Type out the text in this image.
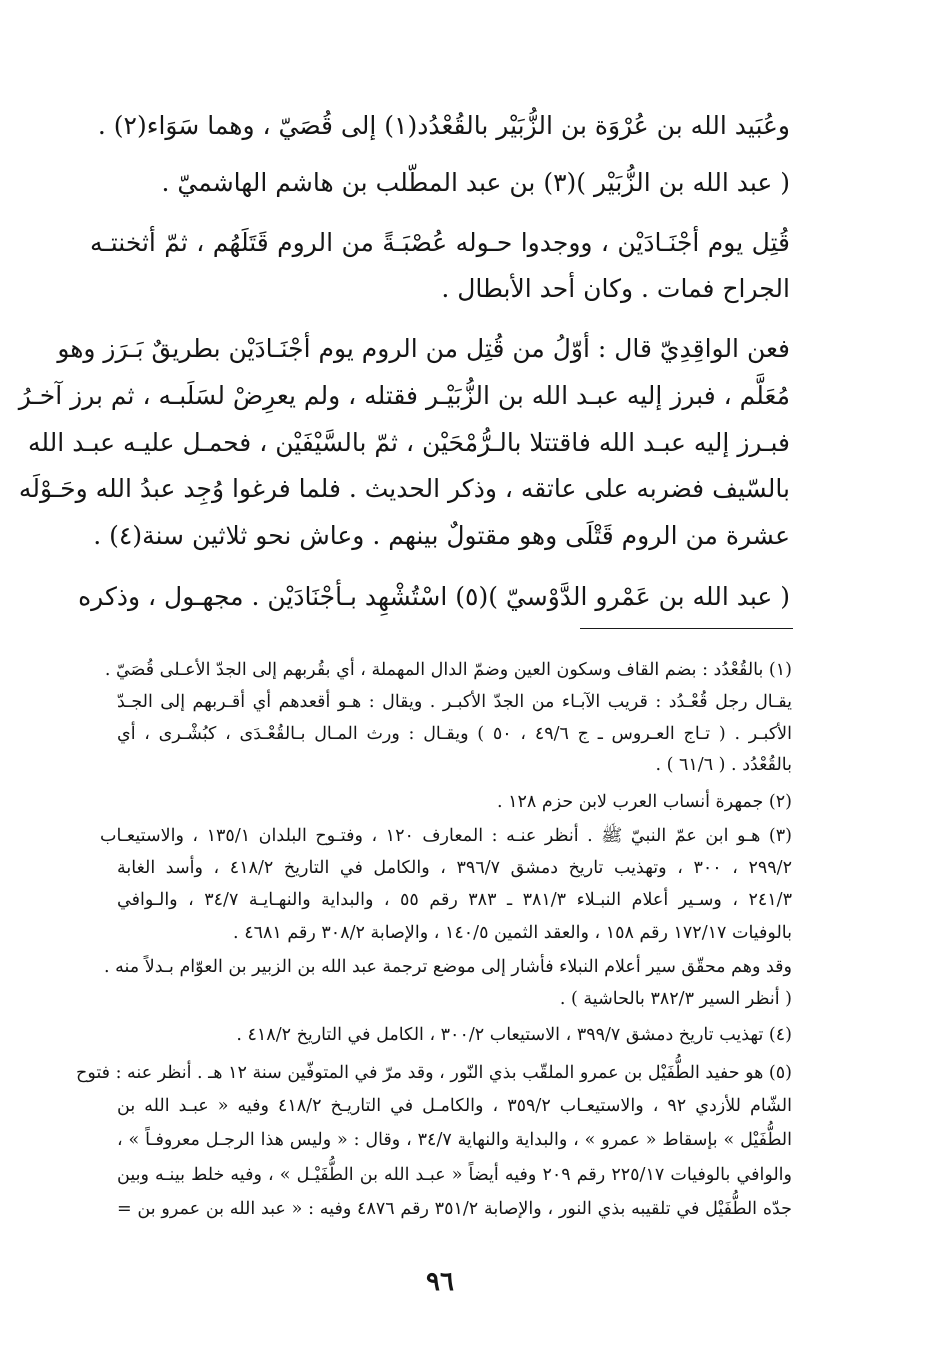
وعُبَيد الله بن عُرْوَة بن الزُّبَيْر بالقُعْدُد(١) إلى قُصَيّ ، وهما سَوَاء(٢) .
( عبد الله بن الزُّبَيْر )(٣) بن عبد المطّلب بن هاشم الهاشميّ .
قُتِل يوم أجْنَـادَيْن ، ووجدوا حـوله عُصْبَـةً من الروم قَتَلَهُم ، ثمّ أثخنتـه
الجراح فمات . وكان أحد الأبطال .
فعن الواقِدِيّ قال : أوّلُ من قُتِل من الروم يوم أجْنَـادَيْن بطريقٌ بَـرَز وهو
مُعَلَّم ، فبرز إليه عبـد الله بن الزُّبَيْـر فقتله ، ولم يعرِضْ لسَلَبـه ، ثم برز آخـرُ
فبـرز إليه عبـد الله فاقتتلا بالـرُّمْحَيْن ، ثمّ بالسَّيْفَيْن ، فحمـل عليـه عبـد الله
بالسّيف فضربه على عاتقه ، وذكر الحديث . فلما فرغوا وُجِد عبدُ الله وحَـوْلَه
عشرة من الروم قَتْلَى وهو مقتولٌ بينهم . وعاش نحو ثلاثين سنة(٤) .
( عبد الله بن عَمْرو الدَّوْسيّ )(٥) اسْتُشْهِد بـأجْنَادَيْن . مجهـول ، وذكره
(١) بالقُعْدُد : بضم القاف وسكون العين وضمّ الدال المهملة ، أي بقُربهم إلى الجدّ الأعـلى قُصَيّ .
يقـال رجل قُعْـدُد : قريب الآبـاء من الجدّ الأكبـر . ويقال : هـو أقعدهم أي أقـربهم إلى الجـدّ
الأكبـر . ( تـاج العـروس ـ ج ٤٩/٦ ، ٥٠ ) ويقـال : ورث المـال بـالقُعْـدَى ، كبُشْـرى ، أي
بالقُعْدُد . ( ٦١/٦ ) .
(٢) جمهرة أنساب العرب لابن حزم ١٢٨ .
(٣) هـو ابن عمّ النبيّ ﷺ . أنظر عنـه : المعارف ١٢٠ ، وفتـوح البلدان ١٣٥/١ ، والاستيعـاب
٢٩٩/٢ ، ٣٠٠ ، وتهذيب تاريخ دمشق ٣٩٦/٧ ، والكامل في التاريخ ٤١٨/٢ ، وأسد الغابة
٢٤١/٣ ، وسـير أعلام النبـلاء ٣٨١/٣ ـ ٣٨٣ رقم ٥٥ ، والبداية والنهـايـة ٣٤/٧ ، والـوافي
بالوفيات ١٧٢/١٧ رقم ١٥٨ ، والعقد الثمين ١٤٠/٥ ، والإصابة ٣٠٨/٢ رقم ٤٦٨١ .
وقد وهم محقّق سير أعلام النبلاء فأشار إلى موضع ترجمة عبد الله بن الزبير بن العوّام بـدلاً منه .
( أنظر السير ٣٨٢/٣ بالحاشية ) .
(٤) تهذيب تاريخ دمشق ٣٩٩/٧ ، الاستيعاب ٣٠٠/٢ ، الكامل في التاريخ ٤١٨/٢ .
(٥) هو حفيد الطُّفَيْل بن عمرو الملقّب بذي النّور ، وقد مرّ في المتوفّين سنة ١٢ هـ . أنظر عنه : فتوح
الشّام للأزدي ٩٢ ، والاستيعـاب ٣٥٩/٢ ، والكامـل في التاريـخ ٤١٨/٢ وفيه « عبـد الله بن
الطُّفَيْل » بإسقاط « عمرو » ، والبداية والنهاية ٣٤/٧ ، وقال : « وليس هذا الرجـل معروفـاً » ،
والوافي بالوفيات ٢٢٥/١٧ رقم ٢٠٩ وفيه أيضاً « عبـد الله بن الطُّفَيْـل » ، وفيه خلط بينـه وبين
جدّه الطُّفَيْل في تلقيبه بذي النور ، والإصابة ٣٥١/٢ رقم ٤٨٧٦ وفيه : « عبد الله بن عمرو بن =
٩٦
